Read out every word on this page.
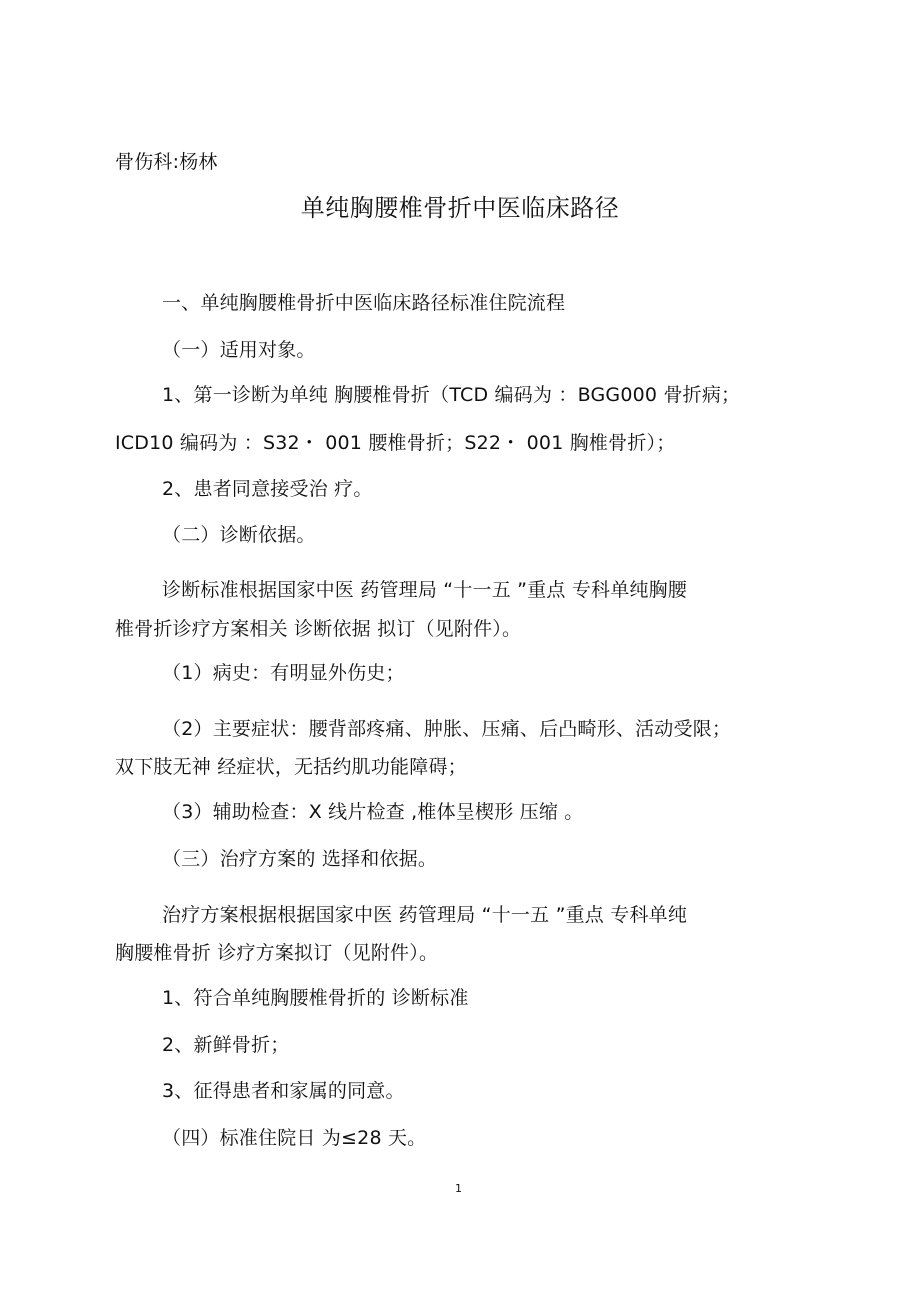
骨伤科:杨林
单纯胸腰椎骨折中医临床路径
一、单纯胸腰椎骨折中医临床路径标准住院流程
（一）适用对象。
1、第一诊断为单纯 胸腰椎骨折（TCD 编码为 ：BGG000 骨折病；
ICD10 编码为 ：S32・ 001 腰椎骨折；S22・ 001 胸椎骨折）；
2、患者同意接受治 疗。
（二）诊断依据。
诊断标准根据国家中医 药管理局 “十一五 ”重点 专科单纯胸腰
椎骨折诊疗方案相关 诊断依据 拟订（见附件）。
（1）病史：有明显外伤史；
（2）主要症状：腰背部疼痛、肿胀、压痛、后凸畸形、活动受限；
双下肢无神 经症状，无括约肌功能障碍；
（3）辅助检查：X 线片检查 ,椎体呈楔形 压缩 。
（三）治疗方案的 选择和依据。
治疗方案根据根据国家中医 药管理局 “十一五 ”重点 专科单纯
胸腰椎骨折 诊疗方案拟订（见附件）。
1、符合单纯胸腰椎骨折的 诊断标准
2、新鲜骨折；
3、征得患者和家属的同意。
（四）标准住院日 为≤28 天。
1
